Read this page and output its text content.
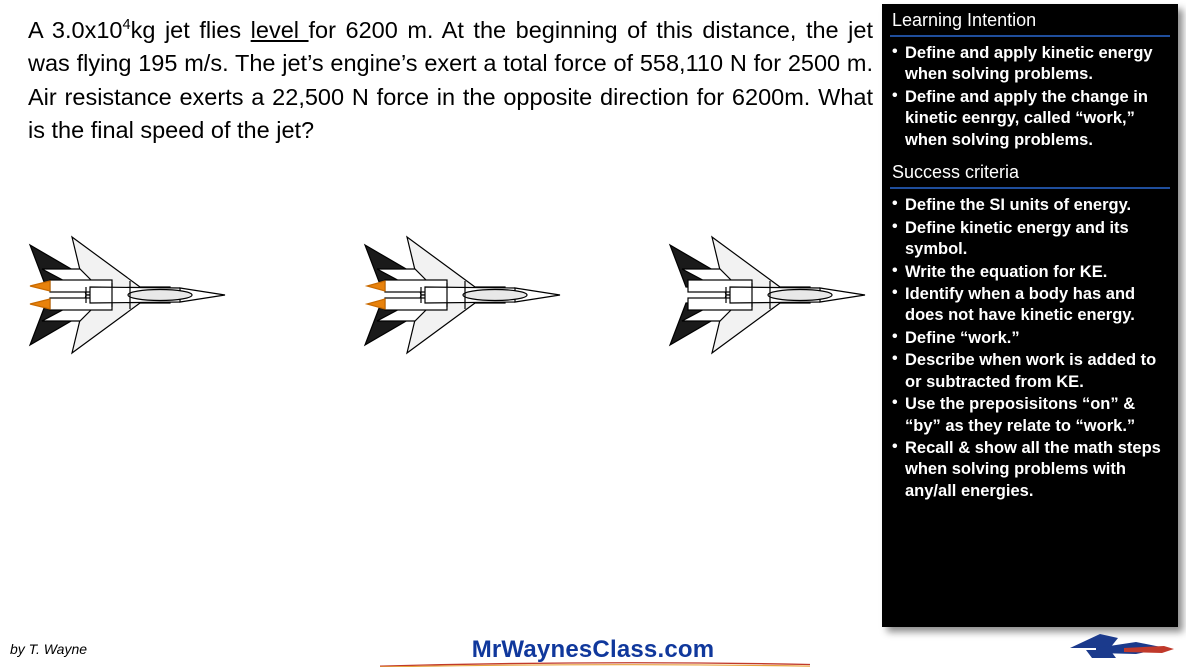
A $3.0x10^4kg$ jet flies level for 6200 m. At the beginning of this distance, the jet was flying 195 m/s. The jet’s engine’s exert a total force of 558,110 N for 2500 m. Air resistance exerts a 22,500 N force in the opposite direction for 6200m. What is the final speed of the jet?
Learning Intention
• Define and apply kinetic energy when solving problems.
• Define and apply the change in kinetic eenrgy, called “work,” when solving problems.
Success criteria
• Define the SI units of energy.
• Define kinetic energy and its symbol.
• Write the equation for KE.
• Identify when a body has and does not have kinetic energy.
• Define “work.”
• Describe when work is added to or subtracted from KE.
• Use the preposisitons “on” & “by” as they relate to “work.”
• Recall & show all the math steps when solving problems with any/all energies.
by T. Wayne	MrWaynesClass.com
